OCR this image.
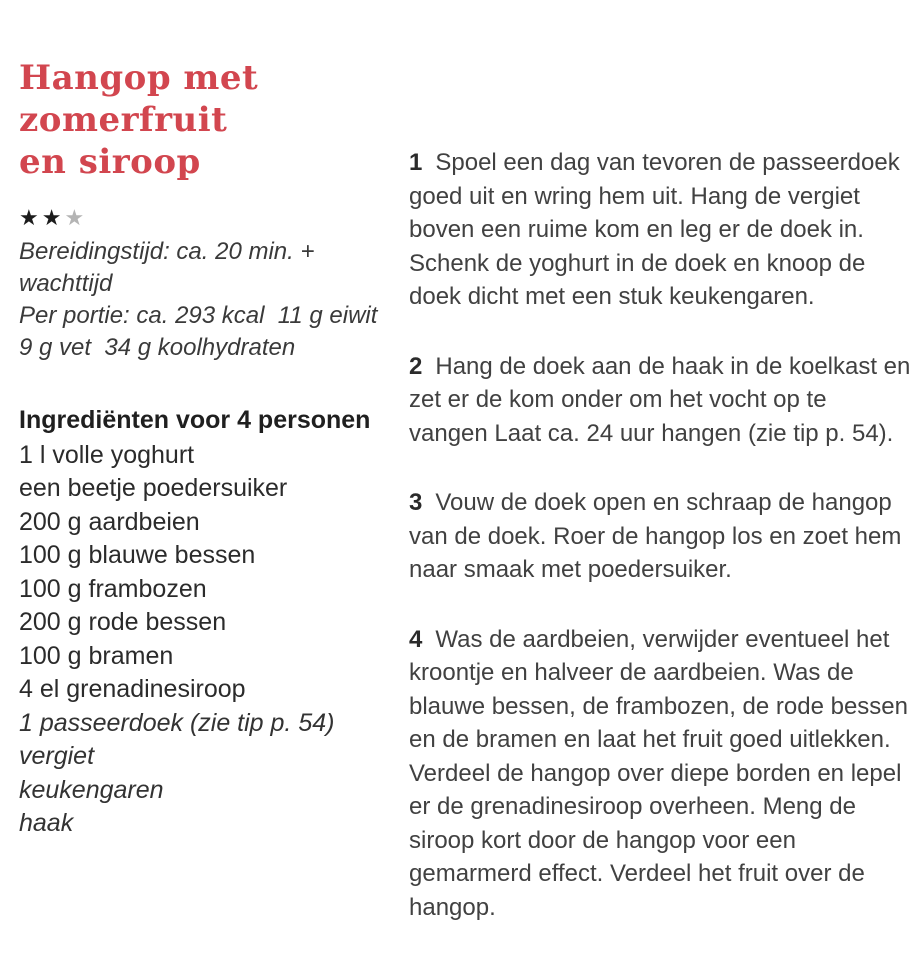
Hangop met zomerfruit
en siroop
★★★
Bereidingstijd: ca. 20 min. + wachttijd
Per portie: ca. 293 kcal  11 g eiwit
9 g vet  34 g koolhydraten
Ingrediënten voor 4 personen
1 l volle yoghurt
een beetje poedersuiker
200 g aardbeien
100 g blauwe bessen
100 g frambozen
200 g rode bessen
100 g bramen
4 el grenadinesiroop
1 passeerdoek (zie tip p. 54)
vergiet
keukengaren
haak

1 Spoel een dag van tevoren de passeerdoek goed uit en wring hem uit. Hang de vergiet boven een ruime kom en leg er de doek in. Schenk de yoghurt in de doek en knoop de doek dicht met een stuk keukengaren.

2 Hang de doek aan de haak in de koelkast en zet er de kom onder om het vocht op te vangen Laat ca. 24 uur hangen (zie tip p. 54).

3 Vouw de doek open en schraap de hangop van de doek. Roer de hangop los en zoet hem naar smaak met poedersuiker.

4 Was de aardbeien, verwijder eventueel het kroontje en halveer de aardbeien. Was de blauwe bessen, de frambozen, de rode bessen en de bramen en laat het fruit goed uitlekken. Verdeel de hangop over diepe borden en lepel er de grenadinesiroop overheen. Meng de siroop kort door de hangop voor een gemarmerd effect. Verdeel het fruit over de hangop.
